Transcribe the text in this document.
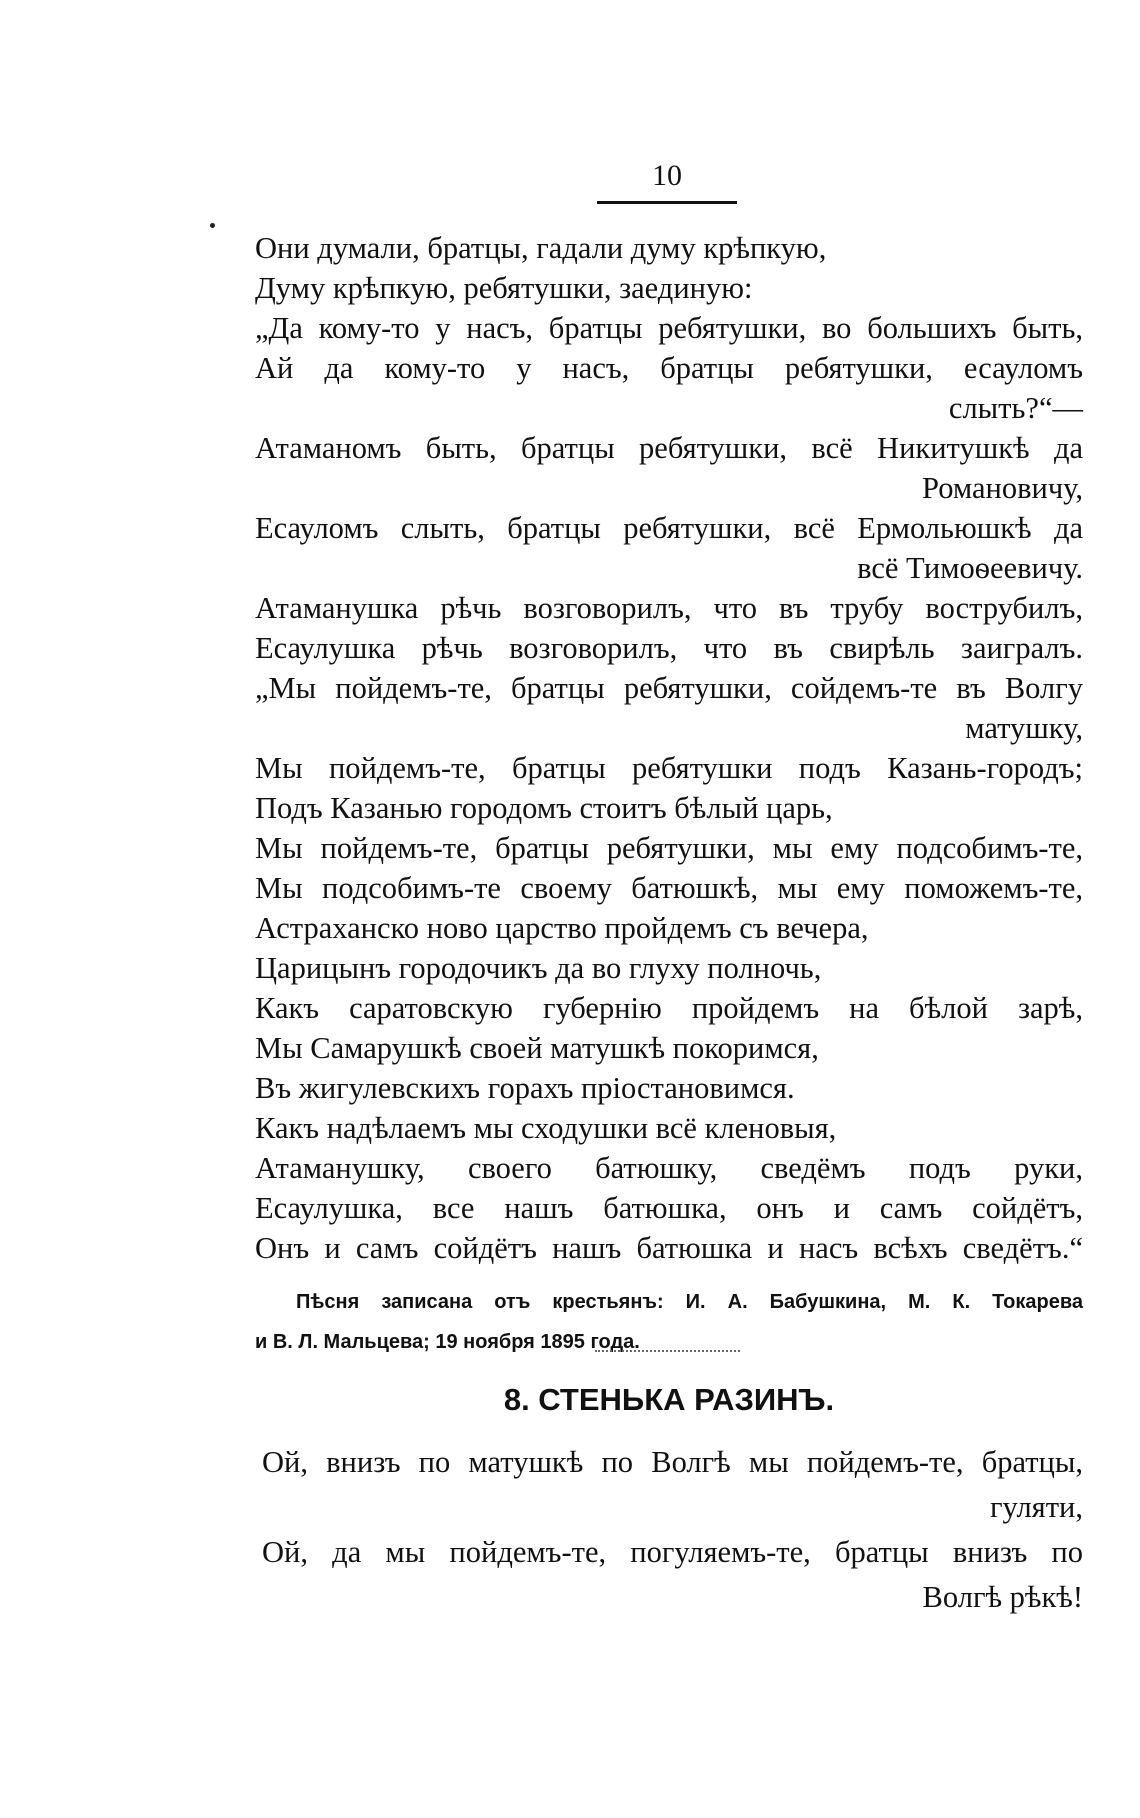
10
Они думали, братцы, гадали думу крѣпкую,
Думу крѣпкую, ребятушки, заединую:
„Да кому-то у насъ, братцы ребятушки, во большихъ быть,
Ай да кому-то у насъ, братцы ребятушки, есауломъ
слыть?“—
Атаманомъ быть, братцы ребятушки, всё Никитушкѣ да
Романовичу,
Есауломъ слыть, братцы ребятушки, всё Ермольюшкѣ да
всё Тимоѳеевичу.
Атаманушка рѣчь возговорилъ, что въ трубу вострубилъ,
Есаулушка рѣчь возговорилъ, что въ свирѣль заигралъ.
„Мы пойдемъ-те, братцы ребятушки, сойдемъ-те въ Волгу
матушку,
Мы пойдемъ-те, братцы ребятушки подъ Казань-городъ;
Подъ Казанью городомъ стоитъ бѣлый царь,
Мы пойдемъ-те, братцы ребятушки, мы ему подсобимъ-те,
Мы подсобимъ-те своему батюшкѣ, мы ему поможемъ-те,
Астраханско ново царство пройдемъ съ вечера,
Царицынъ городочикъ да во глуху полночь,
Какъ саратовскую губернію пройдемъ на бѣлой зарѣ,
Мы Самарушкѣ своей матушкѣ покоримся,
Въ жигулевскихъ горахъ пріостановимся.
Какъ надѣлаемъ мы сходушки всё кленовыя,
Атаманушку, своего батюшку, сведёмъ подъ руки,
Есаулушка, все нашъ батюшка, онъ и самъ сойдётъ,
Онъ и самъ сойдётъ нашъ батюшка и насъ всѣхъ сведётъ.“
Пѣсня записана отъ крестьянъ: И. А. Бабушкина, М. К. Токарева
и В. Л. Мальцева; 19 ноября 1895 года.
8. СТЕНЬКА РАЗИНЪ.
Ой, внизъ по матушкѣ по Волгѣ мы пойдемъ-те, братцы,
гуляти,
Ой, да мы пойдемъ-те, погуляемъ-те, братцы внизъ по
Волгѣ рѣкѣ!
